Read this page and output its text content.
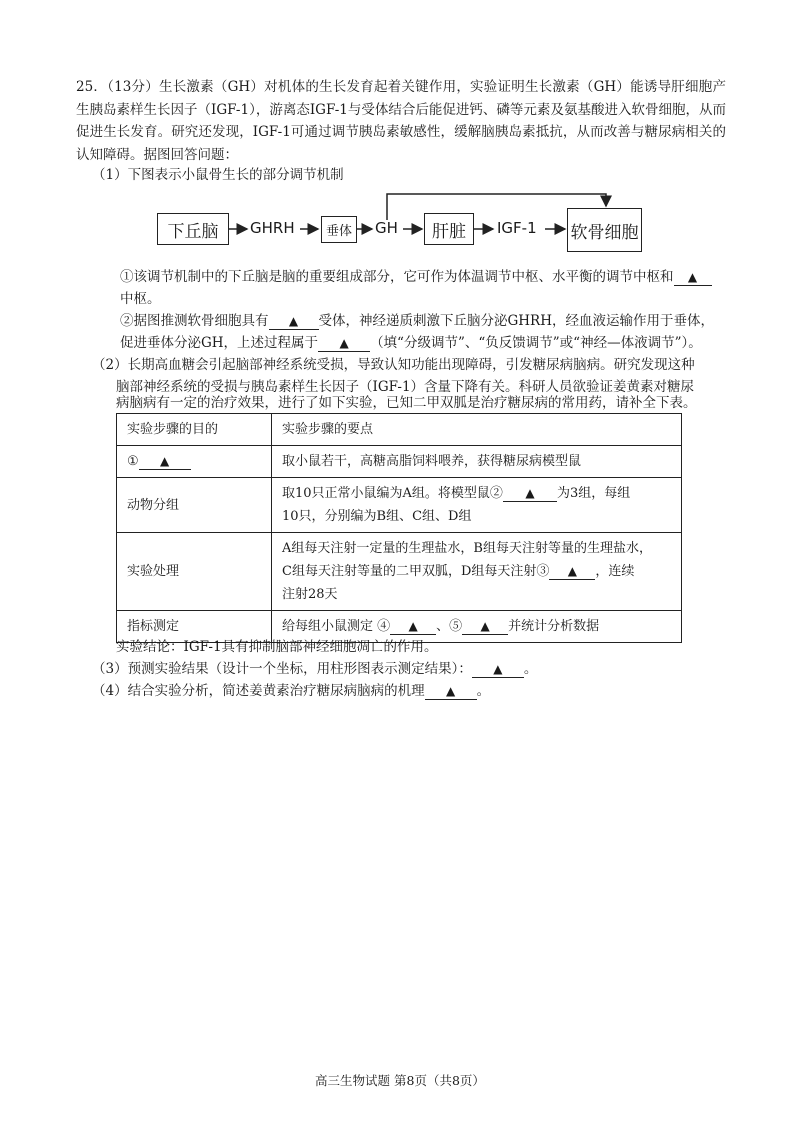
25．（13分）生长激素（GH）对机体的生长发育起着关键作用，实验证明生长激素（GH）能诱导肝细胞产生胰岛素样生长因子（IGF-1），游离态IGF-1与受体结合后能促进钙、磷等元素及氨基酸进入软骨细胞，从而促进生长发育。研究还发现，IGF-1可通过调节胰岛素敏感性，缓解脑胰岛素抵抗，从而改善与糖尿病相关的认知障碍。据图回答问题：
（1）下图表示小鼠骨生长的部分调节机制
下丘脑	GHRH	垂体	GH	肝脏	IGF-1 软骨细胞
①该调节机制中的下丘脑是脑的重要组成部分，它可作为体温调节中枢、水平衡的调节中枢和 ▲
中枢。
②据图推测软骨细胞具有 ▲ 受体，神经递质刺激下丘脑分泌GHRH，经血液运输作用于垂体，
促进垂体分泌GH，上述过程属于 ▲ （填“分级调节”、“负反馈调节”或“神经—体液调节”）。
（2）长期高血糖会引起脑部神经系统受损，导致认知功能出现障碍，引发糖尿病脑病。研究发现这种
脑部神经系统的受损与胰岛素样生长因子（IGF-1）含量下降有关。科研人员欲验证姜黄素对糖尿
病脑病有一定的治疗效果，进行了如下实验，已知二甲双胍是治疗糖尿病的常用药，请补全下表。
实验步骤的目的	实验步骤的要点
① ▲	取小鼠若干，高糖高脂饲料喂养，获得糖尿病模型鼠
动物分组	取10只正常小鼠编为A组。将模型鼠② ▲ 为3组，每组
10只，分别编为B组、C组、D组
实验处理	A组每天注射一定量的生理盐水，B组每天注射等量的生理盐水，
C组每天注射等量的二甲双胍，D组每天注射③ ▲ ，连续
注射28天
指标测定	给每组小鼠测定 ④ ▲ 、⑤ ▲ 并统计分析数据
实验结论：IGF-1具有抑制脑部神经细胞凋亡的作用。
（3）预测实验结果（设计一个坐标，用柱形图表示测定结果）： ▲ 。
（4）结合实验分析，简述姜黄素治疗糖尿病脑病的机理 ▲ 。
高三生物试题 第8页（共8页）
